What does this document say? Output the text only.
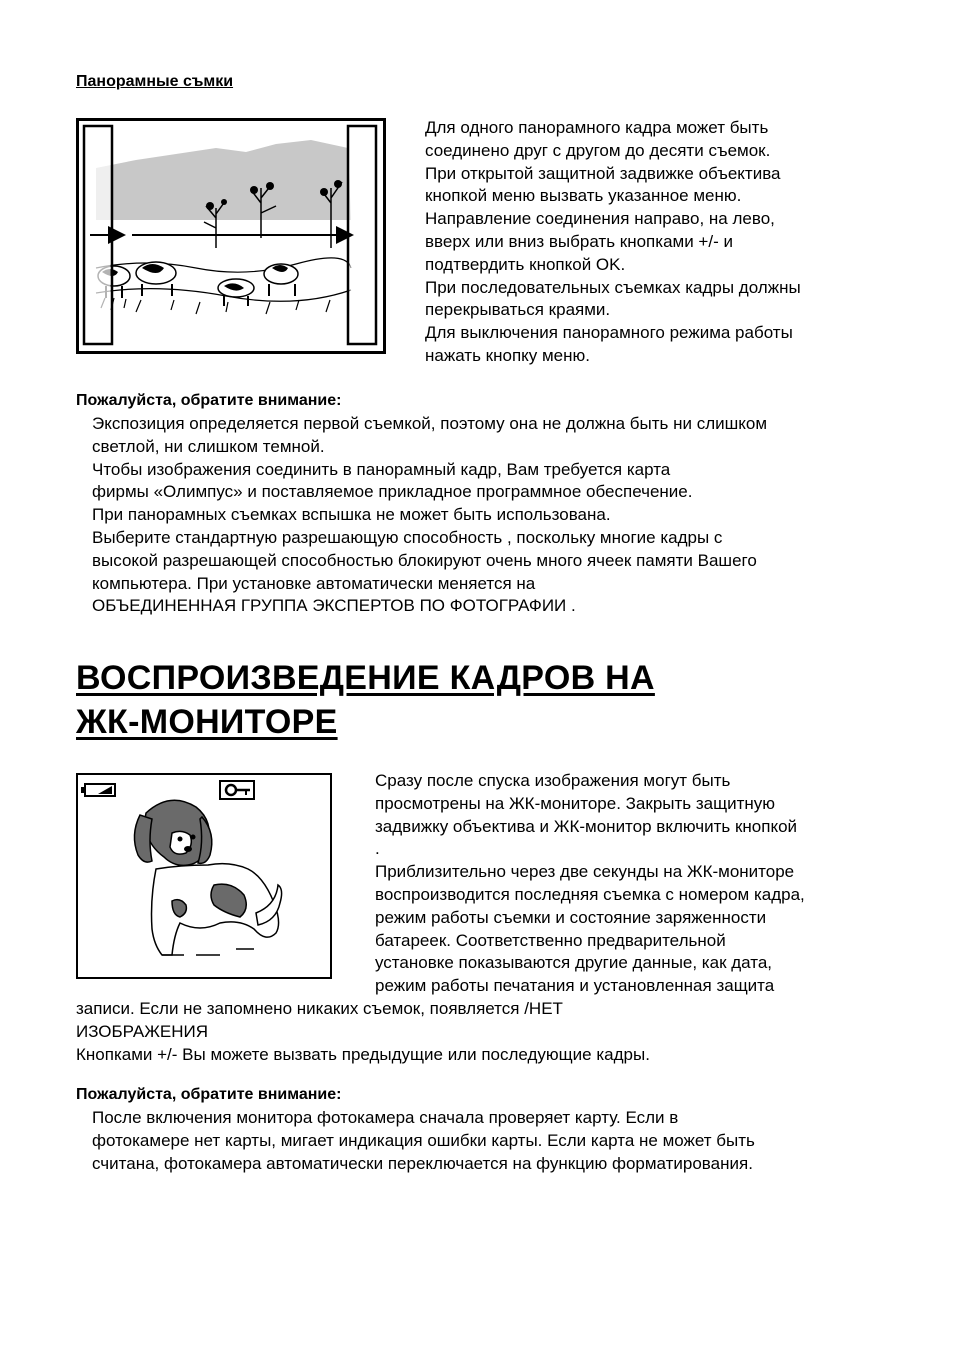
Панорамные съмки
Для одного панорамного кадра может быть
соединено друг с другом до десяти съемок.
При открытой защитной задвижке объектива
кнопкой меню вызвать указанное меню.
Направление соединения направо, на лево,
вверх или вниз выбрать кнопками +/- и
подтвердить кнопкой OK.
При последовательных съемках кадры должны
перекрываться краями.
Для выключения панорамного режима работы
нажать кнопку меню.
Пожалуйста, обратите внимание:
Экспозиция определяется первой съемкой, поэтому она не должна быть ни слишком
светлой, ни слишком темной.
Чтобы изображения соединить в панорамный кадр, Вам требуется карта
фирмы «Олимпус» и поставляемое прикладное программное обеспечение.
При панорамных съемках вспышка не может быть использована.
Выберите стандартную разрешающую способность , поскольку многие кадры с
высокой разрешающей способностью блокируют очень много ячеек памяти Вашего
компьютера. При установке автоматически меняется на
ОБЪЕДИНЕННАЯ ГРУППА ЭКСПЕРТОВ ПО ФОТОГРАФИИ .
ВОСПРОИЗВЕДЕНИЕ КАДРОВ НА
ЖК-МОНИТОРЕ
Сразу после спуска изображения могут быть
просмотрены на ЖК-мониторе. Закрыть защитную
задвижку объектива и ЖК-монитор включить кнопкой
.
Приблизительно через две секунды на ЖК-мониторе
воспроизводится последняя съемка с номером кадра,
режим работы съемки и состояние заряженности
батареек. Соответственно предварительной
установке показываются другие данные, как дата,
режим работы печатания и установленная защита
записи. Если не запомнено никаких съемок, появляется /НЕТ
ИЗОБРАЖЕНИЯ
Кнопками +/- Вы можете вызвать предыдущие или последующие кадры.
Пожалуйста, обратите внимание:
После включения монитора фотокамера сначала проверяет карту. Если в
фотокамере нет карты, мигает индикация ошибки карты. Если карта не может быть
считана, фотокамера автоматически переключается на функцию форматирования.
